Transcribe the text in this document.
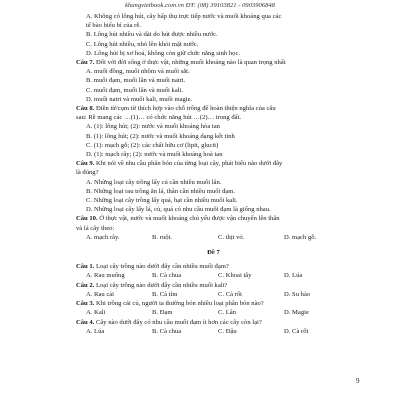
khangvietbook.com.vn ĐT: (08) 39103821 - 0903906848
A. Không có lông hút, cây hấp thụ trực tiếp nước và muối khoáng qua các
tế bào biểu bì của rễ.
B. Lông hút nhiều và dài do hút được nhiều nước.
C. Lông hút nhiều, nhỏ lên khỏi mặt nước.
D. Lông hút bị xơ hoá, không còn giữ chức năng sinh học.
Câu 7. Đối với đời sống ở thực vật, những muối khoáng nào là quan trọng nhất
A. muối đồng, muối nhôm và muối sắt.
B. muối đạm, muối lân và muối natri.
C. muối đạm, muối lân và muối kali.
D. muối natri và muối kali, muối magie.
Câu 8. Điền từ/cụm từ thích hợp vào chỗ trống để hoàn thiện nghĩa của câu
sau: Rễ mang các …(1)… có chức năng hút …(2)… trong đất.
A. (1): lông hút; (2): nước và muối khoáng hòa tan
B. (1): lông hút; (2): nước và muối khoáng dạng kết tinh
C. (1): mạch gỗ; (2): các chất hữu cơ (lipit, glucit)
D. (1): mạch rây; (2): nước và muối khoáng hoà tan
Câu 9. Khi nói về nhu cầu phân bón của từng loại cây, phát biểu nào dưới đây
là đúng?
A. Những loại cây trồng lấy củ cần nhiều muối lân.
B. Những loại rau trồng ăn lá, thân cần nhiều muối đạm.
C. Những loại cây trồng lấy quả, hạt cần nhiều muối kali.
D. Những loại cây lấy lá, củ, quả có nhu cầu muối đạm là giống nhau.
Câu 10. Ở thực vật, nước và muối khoáng chủ yếu được vận chuyển lên thân
và lá cây theo:
A. mạch rây.	B. ruột.	C. thịt vỏ.	D. mạch gỗ.
Đề 7
Câu 1. Loại cây trồng nào dưới đây cần nhiều muối đạm?
A. Rau muống	B. Cà chua	C. Khoai tây	D. Lúa
Câu 2. Loại cây trồng nào dưới đây cần nhiều muối kali?
A. Rau cải	B. Cà tím	C. Cà rốt	D. Su hào
Câu 3. Khi trồng cải củ, người ta thường bón nhiều loại phân bón nào?
A. Kali	B. Đạm	C. Lân	D. Magie
Câu 4. Cây nào dưới đây có nhu cầu muối đạm ít hơn các cây còn lại?
A. Lúa	B. Cà chua	C. Đậu	D. Cà rốt
9
